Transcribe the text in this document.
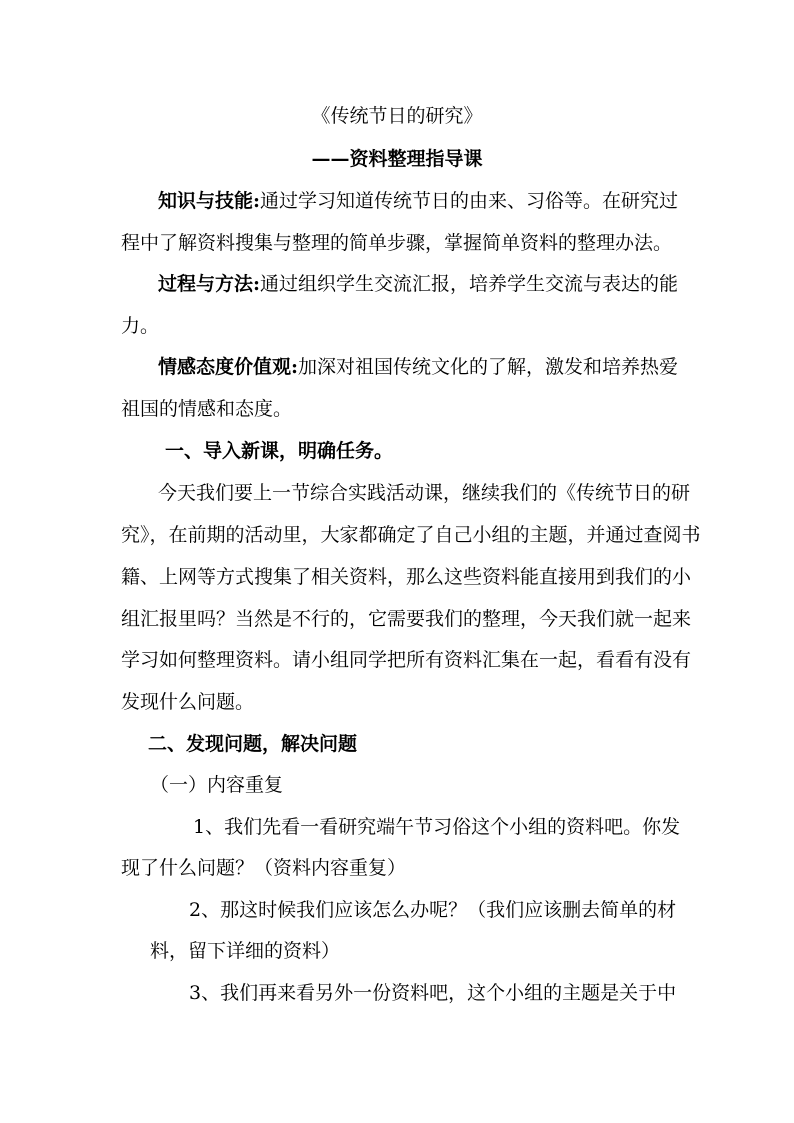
《传统节日的研究》
——资料整理指导课
知识与技能:通过学习知道传统节日的由来、习俗等。在研究过
程中了解资料搜集与整理的简单步骤，掌握简单资料的整理办法。
过程与方法:通过组织学生交流汇报，培养学生交流与表达的能
力。
情感态度价值观:加深对祖国传统文化的了解，激发和培养热爱
祖国的情感和态度。
一、导入新课，明确任务。
今天我们要上一节综合实践活动课，继续我们的《传统节日的研
究》，在前期的活动里，大家都确定了自己小组的主题，并通过查阅书
籍、上网等方式搜集了相关资料，那么这些资料能直接用到我们的小
组汇报里吗？当然是不行的，它需要我们的整理，今天我们就一起来
学习如何整理资料。请小组同学把所有资料汇集在一起，看看有没有
发现什么问题。
二、发现问题，解决问题
（一）内容重复
1、我们先看一看研究端午节习俗这个小组的资料吧。你发
现了什么问题？（资料内容重复）
2、那这时候我们应该怎么办呢？（我们应该删去简单的材
料，留下详细的资料）
3、我们再来看另外一份资料吧，这个小组的主题是关于中
